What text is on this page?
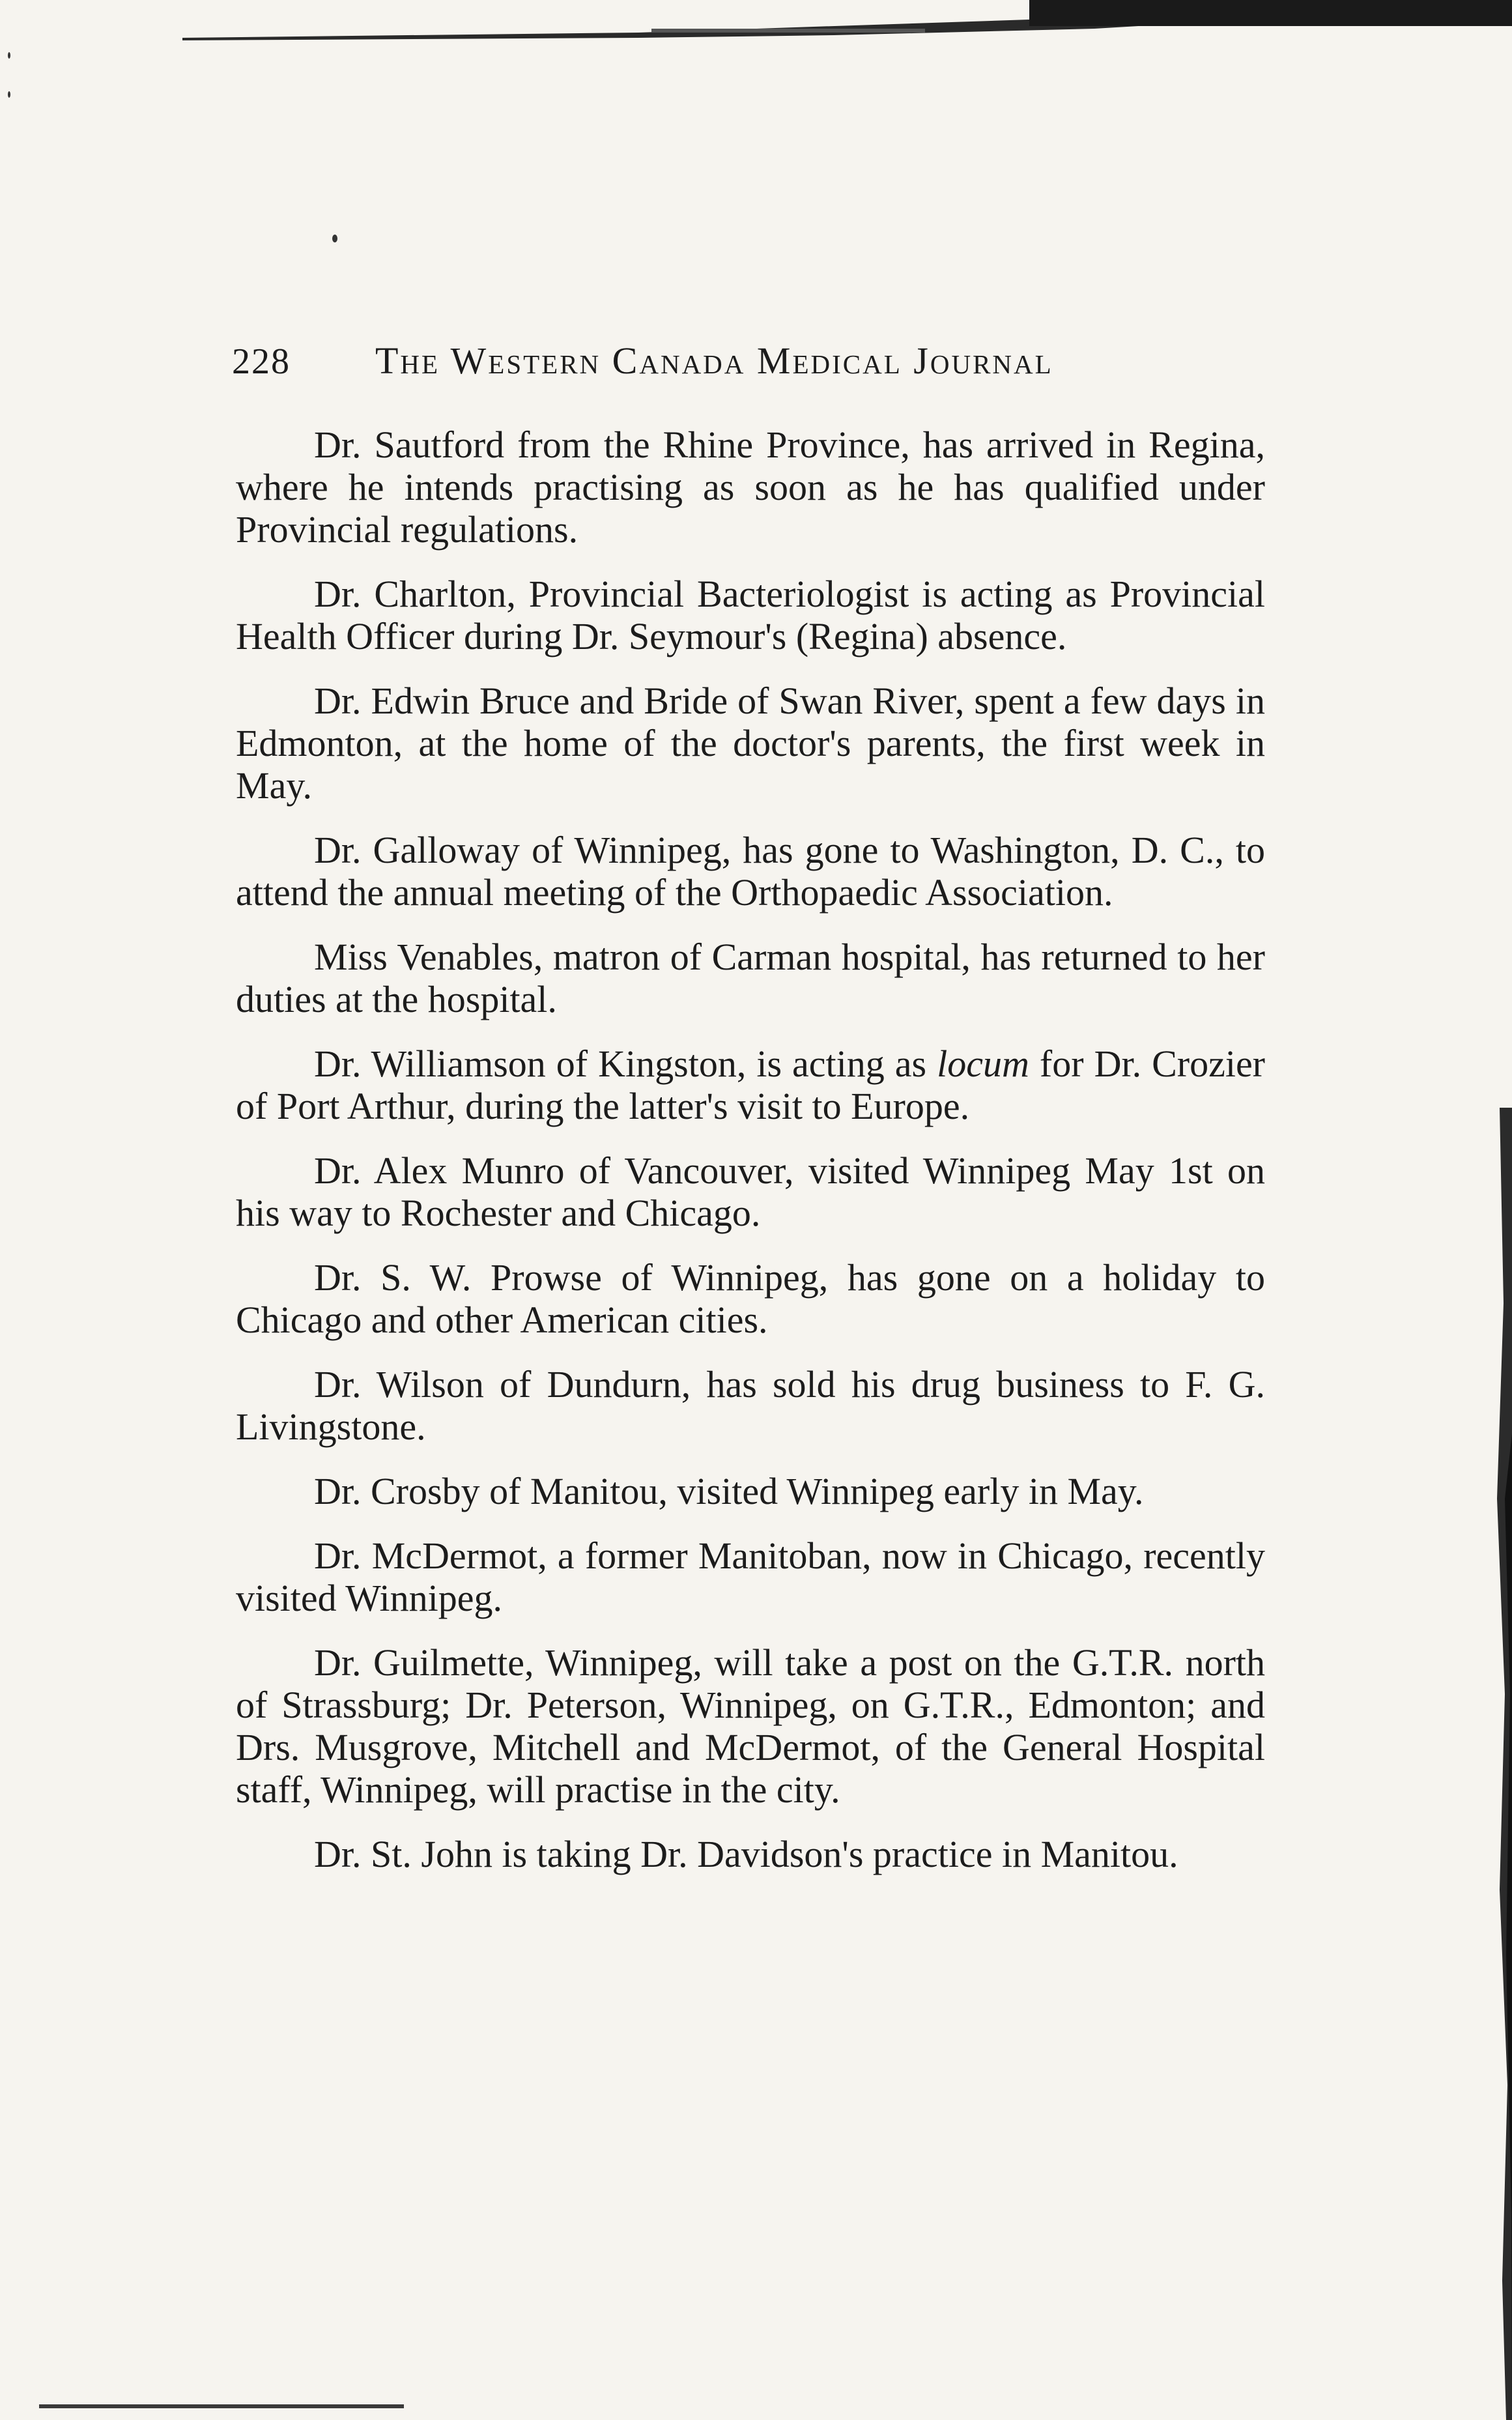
228 The Western Canada Medical Journal

Dr. Sautford from the Rhine Province, has arrived in Regina, where he intends practising as soon as he has qualified under Provincial regulations.

Dr. Charlton, Provincial Bacteriologist is acting as Provincial Health Officer during Dr. Seymour's (Regina) absence.

Dr. Edwin Bruce and Bride of Swan River, spent a few days in Edmonton, at the home of the doctor's parents, the first week in May.

Dr. Galloway of Winnipeg, has gone to Washington, D. C., to attend the annual meeting of the Orthopaedic Association.

Miss Venables, matron of Carman hospital, has returned to her duties at the hospital.

Dr. Williamson of Kingston, is acting as locum for Dr. Crozier of Port Arthur, during the latter's visit to Europe.

Dr. Alex Munro of Vancouver, visited Winnipeg May 1st on his way to Rochester and Chicago.

Dr. S. W. Prowse of Winnipeg, has gone on a holiday to Chicago and other American cities.

Dr. Wilson of Dundurn, has sold his drug business to F. G. Livingstone.

Dr. Crosby of Manitou, visited Winnipeg early in May.

Dr. McDermot, a former Manitoban, now in Chicago, recently visited Winnipeg.

Dr. Guilmette, Winnipeg, will take a post on the G.T.R. north of Strassburg; Dr. Peterson, Winnipeg, on G.T.R., Edmonton; and Drs. Musgrove, Mitchell and McDermot, of the General Hospital staff, Winnipeg, will practise in the city.

Dr. St. John is taking Dr. Davidson's practice in Manitou.
